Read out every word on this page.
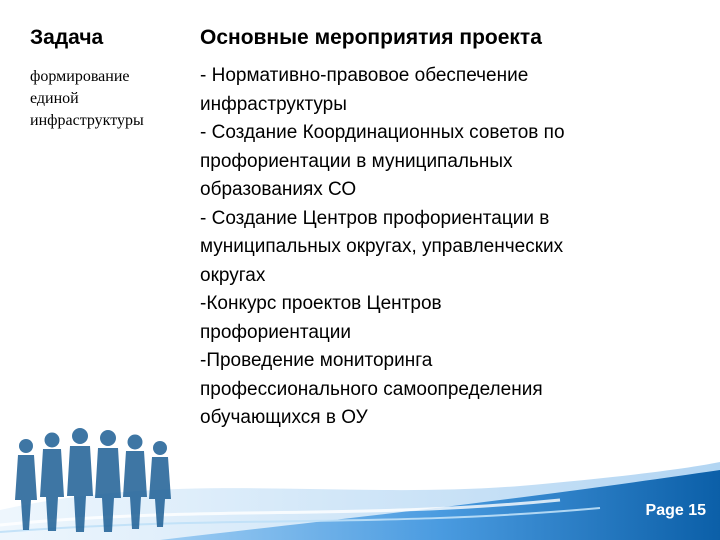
Задача	Основные мероприятия проекта
формирование
единой
инфраструктуры
- Нормативно-правовое обеспечение
инфраструктуры
- Создание Координационных советов по
профориентации в муниципальных
образованиях СО
- Создание Центров профориентации в
муниципальных округах, управленческих
округах
-Конкурс проектов Центров
профориентации
-Проведение мониторинга
профессионального самоопределения
обучающихся в ОУ
Page 15
